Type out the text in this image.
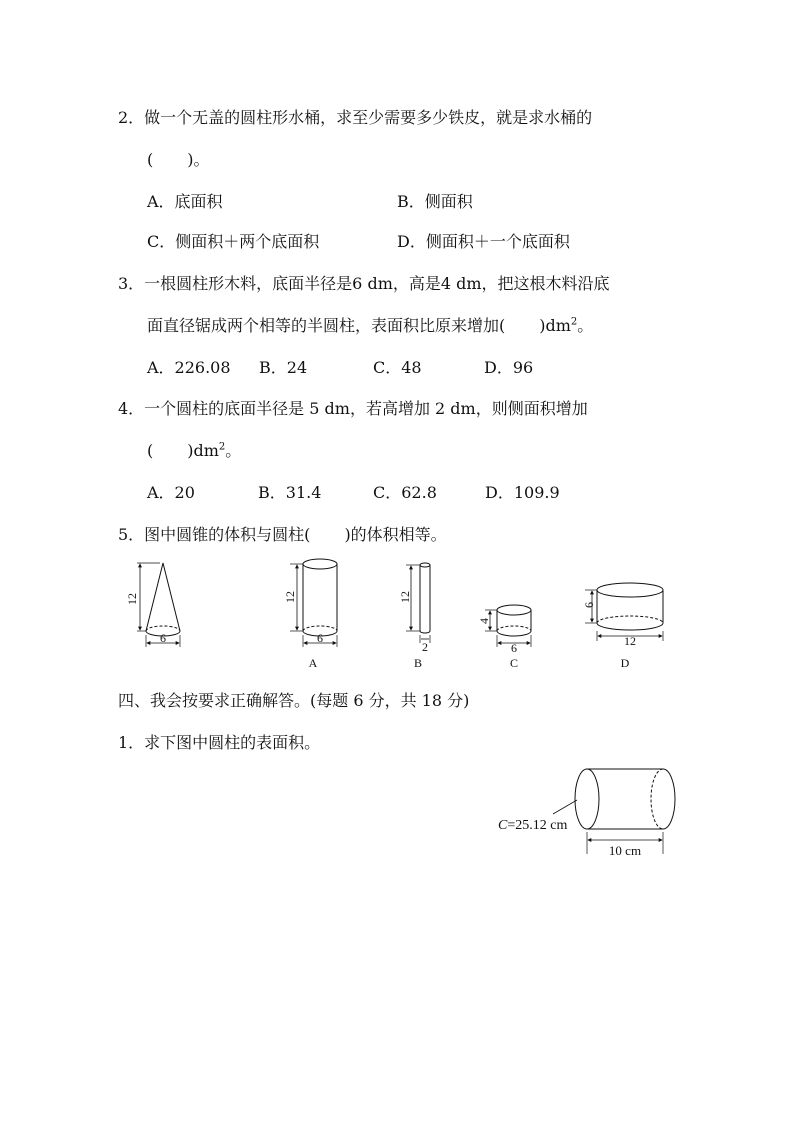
2．做一个无盖的圆柱形水桶，求至少需要多少铁皮，就是求水桶的
( )。
A．底面积	B．侧面积
C．侧面积＋两个底面积	D．侧面积＋一个底面积
3．一根圆柱形木料，底面半径是6 dm，高是4 dm，把这根木料沿底
面直径锯成两个相等的半圆柱，表面积比原来增加( )$dm^2$。
A．226.08 B．24	C．48	D．96
4．一个圆柱的底面半径是 5 dm，若高增加 2 dm，则侧面积增加
( )$dm^2$。
A．20	B．31.4	C．62.8	D．109.9
5．图中圆锥的体积与圆柱( )的体积相等。
12
6
12
6
A
12
2
B
4
6
C
6
12
D
四、我会按要求正确解答。(每题 6 分，共 18 分)
1．求下图中圆柱的表面积。
10 cm
C=25.12 cm
